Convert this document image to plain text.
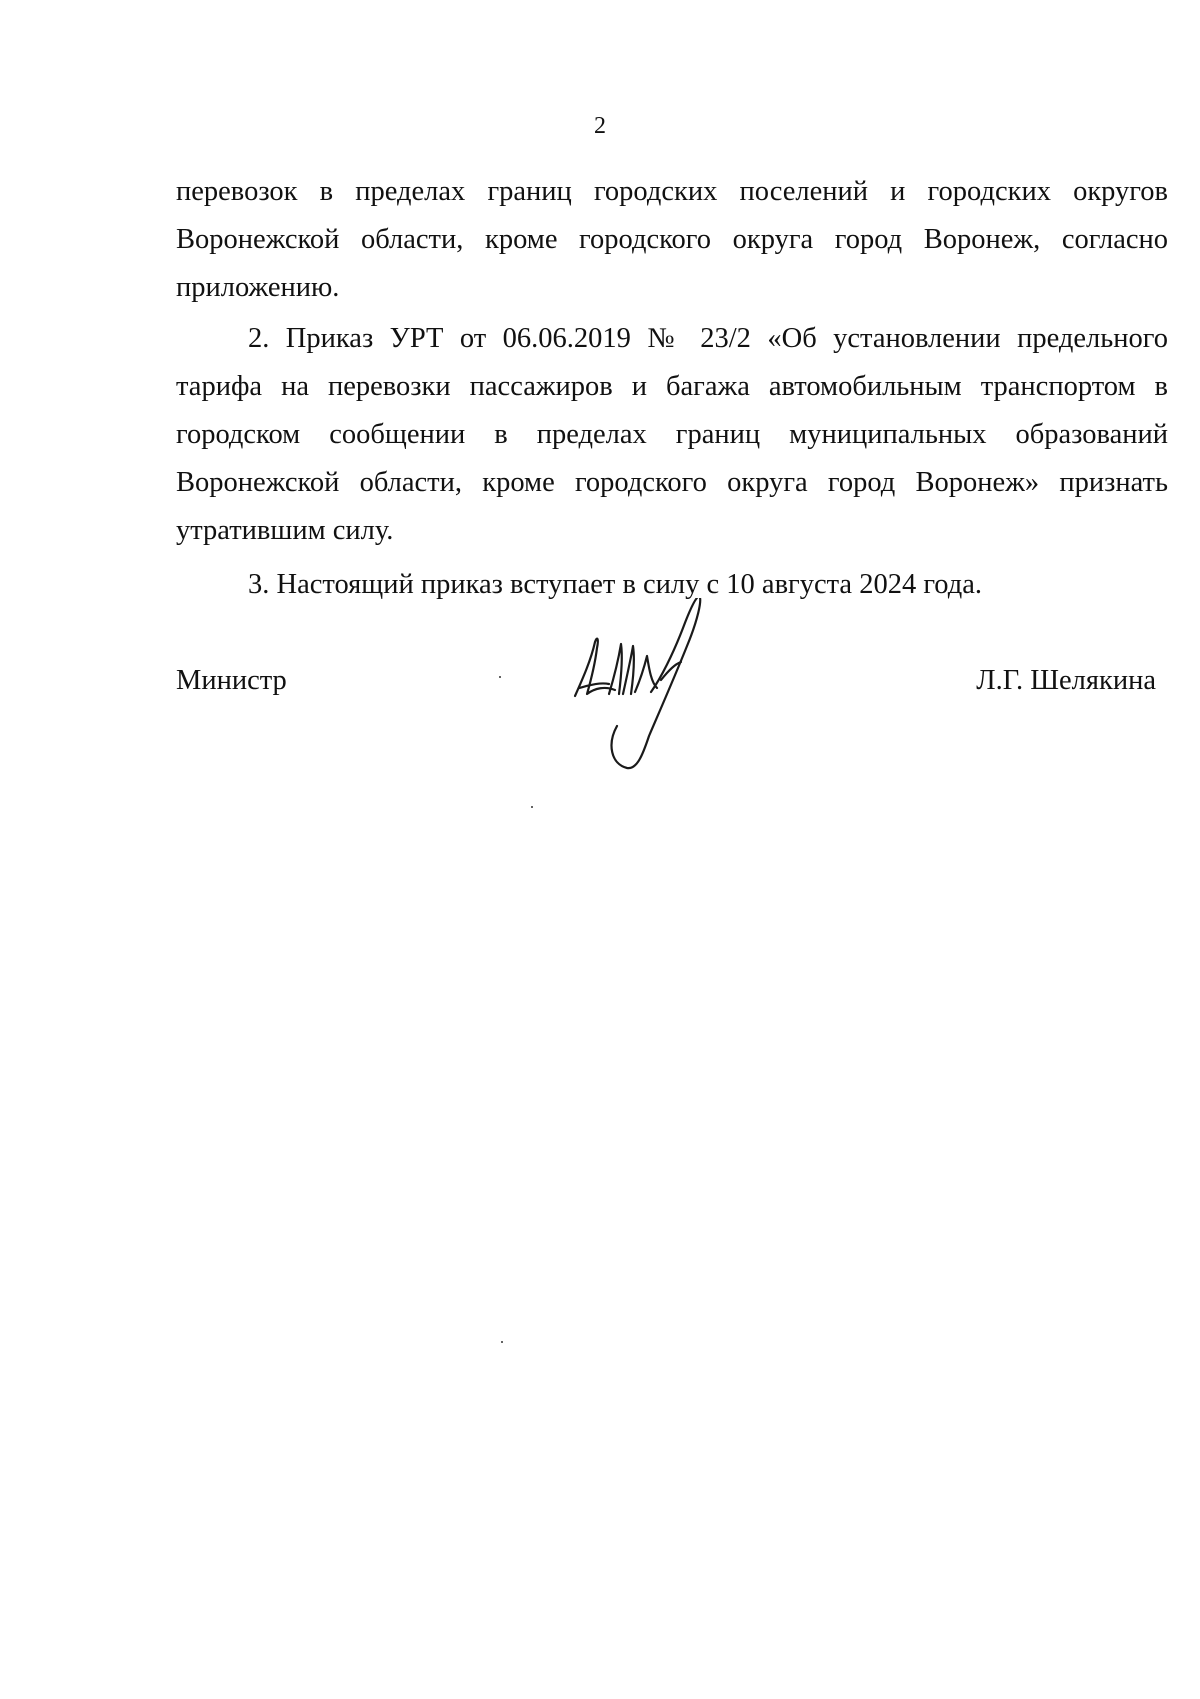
2

перевозок в пределах границ городских поселений и городских округов Воронежской области, кроме городского округа город Воронеж, согласно приложению.

2. Приказ УРТ от 06.06.2019 № 23/2 «Об установлении предельного тарифа на перевозки пассажиров и багажа автомобильным транспортом в городском сообщении в пределах границ муниципальных образований Воронежской области, кроме городского округа город Воронеж» признать утратившим силу.

3. Настоящий приказ вступает в силу с 10 августа 2024 года.

Министр	Л.Г. Шелякина
